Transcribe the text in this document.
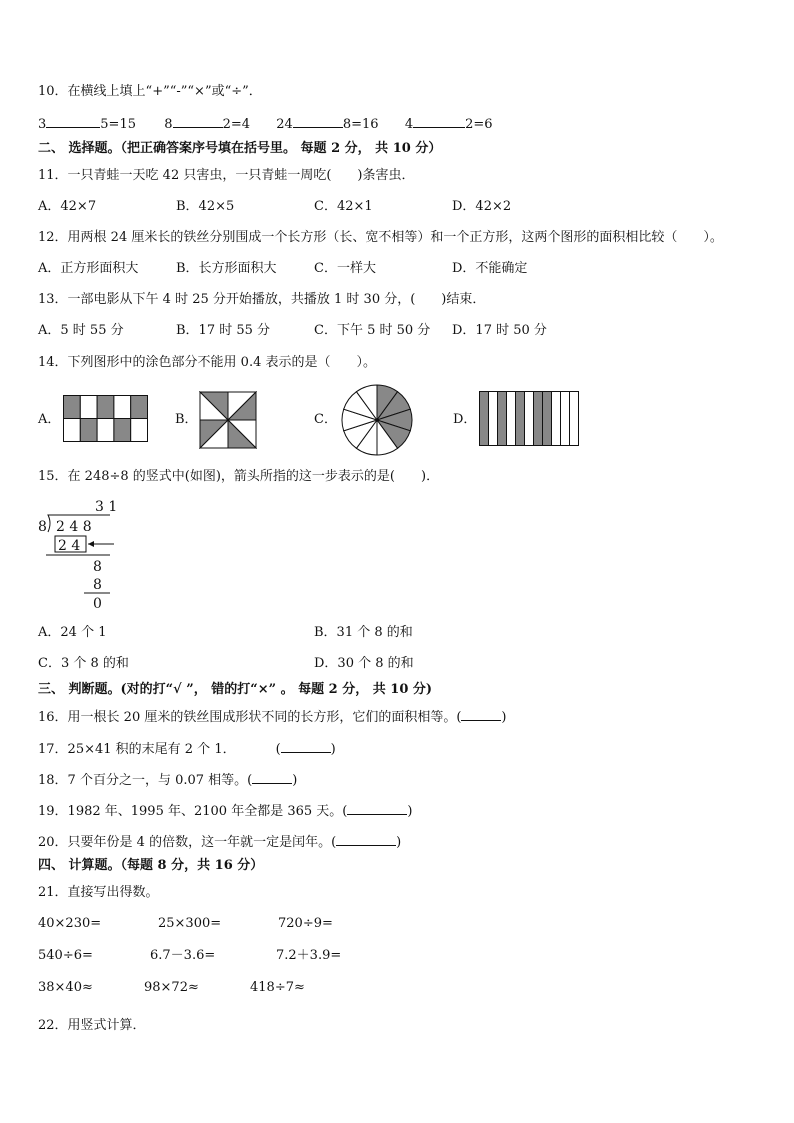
10．在横线上填上“+”“-”“×”或“÷”．
3	5=15 8	2=4 24	8=16 4	2=6
二、 选择题。（把正确答案序号填在括号里。 每题 2 分， 共 10 分）
11．一只青蛙一天吃 42 只害虫，一只青蛙一周吃(　　)条害虫．
A．42×7	B．42×5	C．42×1	D．42×2
12．用两根 24 厘米长的铁丝分别围成一个长方形（长、宽不相等）和一个正方形，这两个图形的面积相比较（　　）。
A．正方形面积大	B．长方形面积大	C．一样大	D．不能确定
13．一部电影从下午 4 时 25 分开始播放，共播放 1 时 30 分，(　　)结束．
A．5 时 55 分	B．17 时 55 分	C．下午 5 时 50 分 D．17 时 50 分
14．下列图形中的涂色部分不能用 0.4 表示的是（　　）。
A．	B．	C．	D．
15．在 248÷8 的竖式中(如图)，箭头所指的这一步表示的是(　　)．
3 1
8 2 4 8
2 4
8
8
0
A．24 个 1	B．31 个 8 的和
C．3 个 8 的和	D．30 个 8 的和
三、 判断题。(对的打“√ ”， 错的打“×” 。 每题 2 分， 共 10 分)
16．用一根长 20 厘米的铁丝围成形状不同的长方形，它们的面积相等。(	)
17．25×41 积的末尾有 2 个 1．	(	)
18．7 个百分之一，与 0.07 相等。(	)
19．1982 年、1995 年、2100 年全都是 365 天。(	)
20．只要年份是 4 的倍数，这一年就一定是闰年。(	)
四、 计算题。（每题 8 分，共 16 分）
21．直接写出得数。
40×230=	25×300=	720÷9=
540÷6=	6.7－3.6=	7.2＋3.9=
38×40≈	98×72≈	418÷7≈
22．用竖式计算．
